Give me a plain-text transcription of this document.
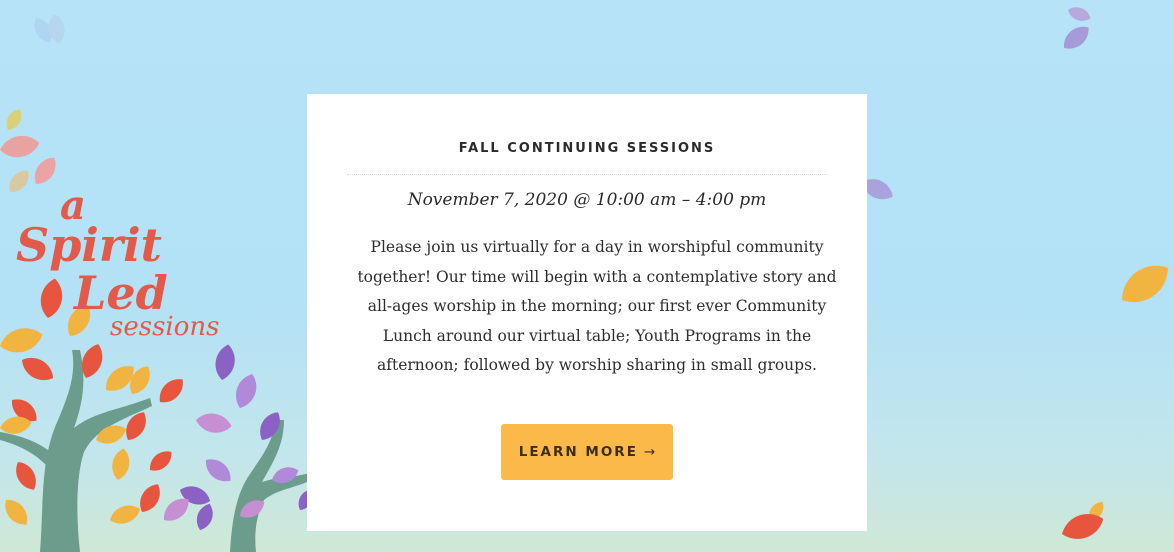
a
Spirit
Led
sessions
FALL CONTINUING SESSIONS
November 7, 2020 @ 10:00 am – 4:00 pm
Please join us virtually for a day in worshipful community together! Our time will begin with a contemplative story and all-ages worship in the morning; our first ever Community Lunch around our virtual table; Youth Programs in the afternoon; followed by worship sharing in small groups.
LEARN MORE →
